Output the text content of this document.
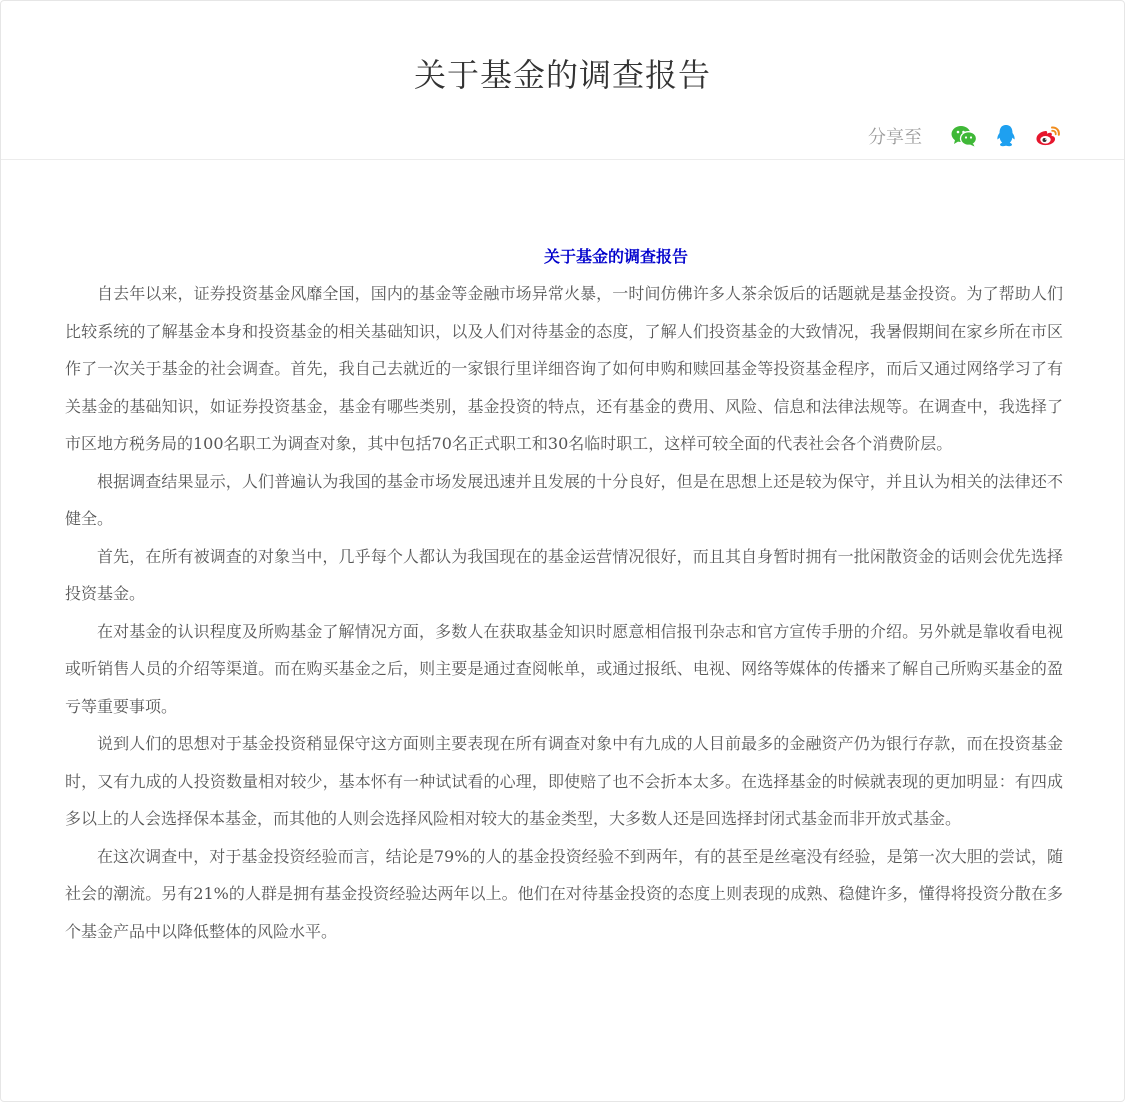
关于基金的调查报告
分享至
关于基金的调查报告

自去年以来，证券投资基金风靡全国，国内的基金等金融市场异常火暴，一时间仿佛许多人茶余饭后的话题就是基金投资。为了帮助人们比较系统的了解基金本身和投资基金的相关基础知识，以及人们对待基金的态度，了解人们投资基金的大致情况，我暑假期间在家乡所在市区作了一次关于基金的社会调查。首先，我自己去就近的一家银行里详细咨询了如何申购和赎回基金等投资基金程序，而后又通过网络学习了有关基金的基础知识，如证券投资基金，基金有哪些类别，基金投资的特点，还有基金的费用、风险、信息和法律法规等。在调查中，我选择了市区地方税务局的100名职工为调查对象，其中包括70名正式职工和30名临时职工，这样可较全面的代表社会各个消费阶层。

根据调查结果显示，人们普遍认为我国的基金市场发展迅速并且发展的十分良好，但是在思想上还是较为保守，并且认为相关的法律还不健全。

首先，在所有被调查的对象当中，几乎每个人都认为我国现在的基金运营情况很好，而且其自身暂时拥有一批闲散资金的话则会优先选择投资基金。

在对基金的认识程度及所购基金了解情况方面，多数人在获取基金知识时愿意相信报刊杂志和官方宣传手册的介绍。另外就是靠收看电视或听销售人员的介绍等渠道。而在购买基金之后，则主要是通过查阅帐单，或通过报纸、电视、网络等媒体的传播来了解自己所购买基金的盈亏等重要事项。

说到人们的思想对于基金投资稍显保守这方面则主要表现在所有调查对象中有九成的人目前最多的金融资产仍为银行存款，而在投资基金时，又有九成的人投资数量相对较少，基本怀有一种试试看的心理，即使赔了也不会折本太多。在选择基金的时候就表现的更加明显：有四成多以上的人会选择保本基金，而其他的人则会选择风险相对较大的基金类型，大多数人还是回选择封闭式基金而非开放式基金。

在这次调查中，对于基金投资经验而言，结论是79%的人的基金投资经验不到两年，有的甚至是丝毫没有经验，是第一次大胆的尝试，随社会的潮流。另有21%的人群是拥有基金投资经验达两年以上。他们在对待基金投资的态度上则表现的成熟、稳健许多，懂得将投资分散在多个基金产品中以降低整体的风险水平。
